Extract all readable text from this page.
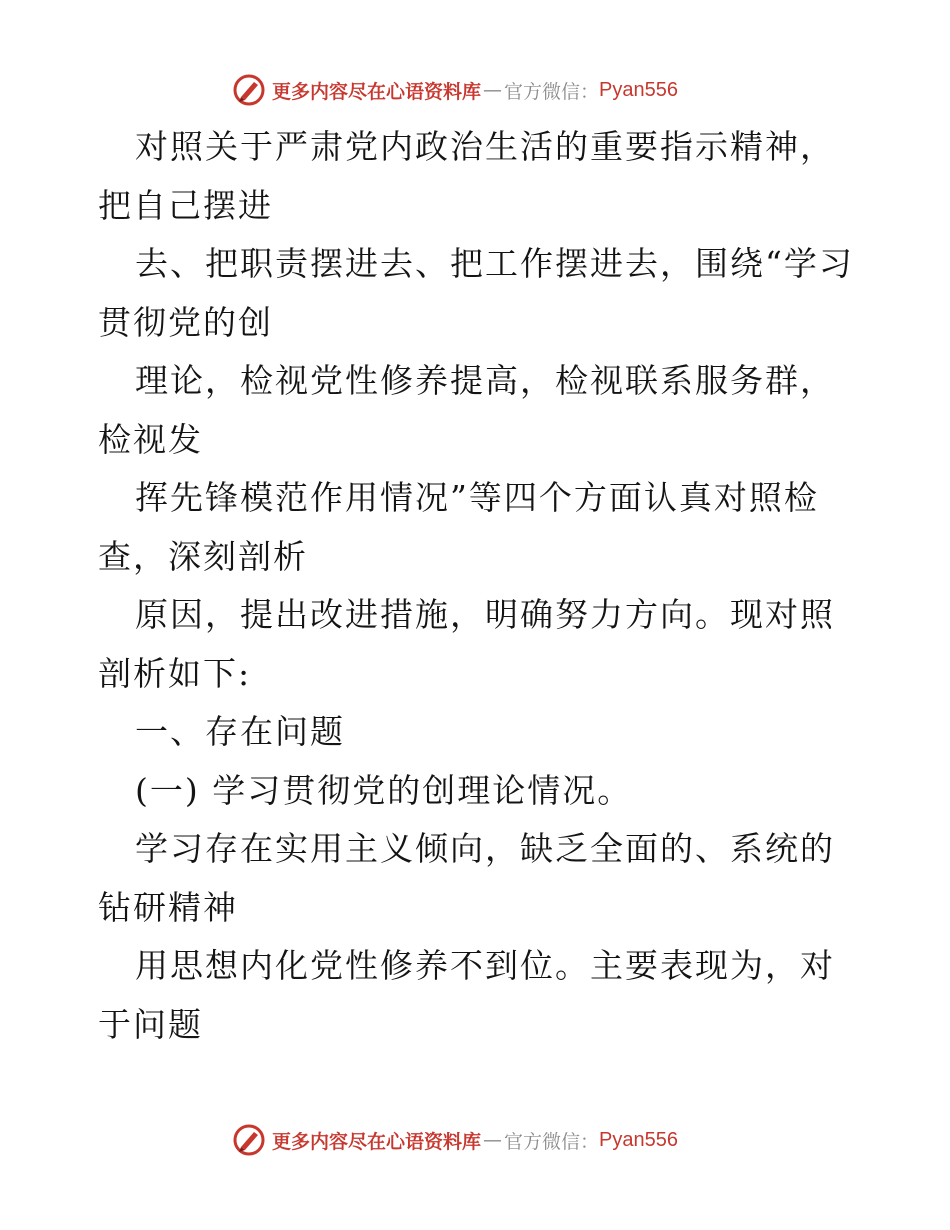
更多内容尽在心语资料库 — 官方微信： Pyan556

对照关于严肃党内政治生活的重要指示精神，把自己摆进

去、把职责摆进去、把工作摆进去，围绕“学习贯彻党的创

理论，检视党性修养提高，检视联系服务群，检视发

挥先锋模范作用情况”等四个方面认真对照检查，深刻剖析

原因，提出改进措施，明确努力方向。现对照剖析如下:

一、存在问题

(一) 学习贯彻党的创理论情况。

学习存在实用主义倾向，缺乏全面的、系统的钻研精神

用思想内化党性修养不到位。主要表现为，对于问题

更多内容尽在心语资料库 — 官方微信： Pyan556
